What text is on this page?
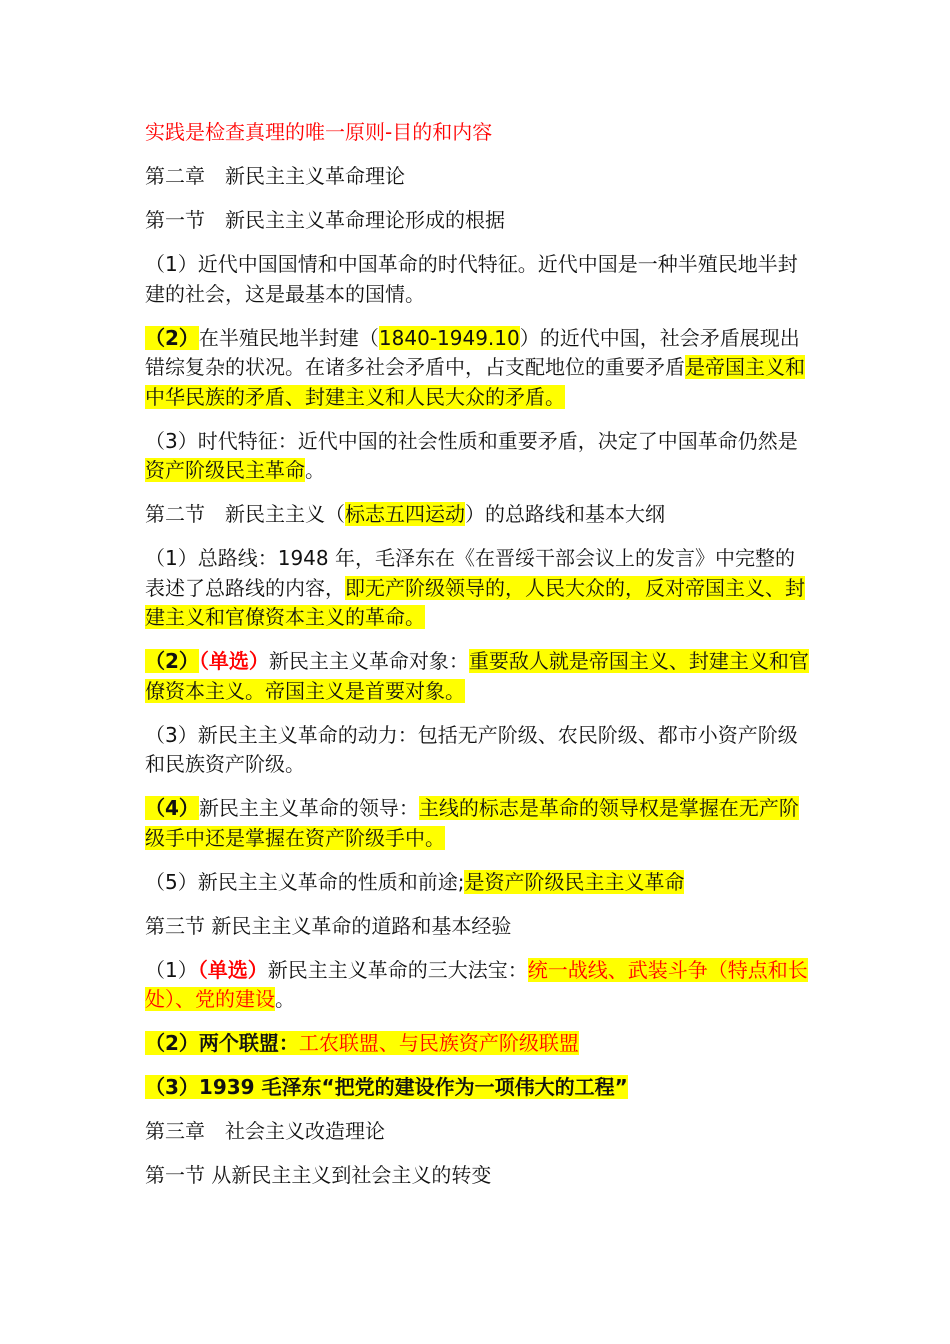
实践是检查真理的唯一原则-目的和内容

第二章　新民主主义革命理论

第一节　新民主主义革命理论形成的根据

（1）近代中国国情和中国革命的时代特征。近代中国是一种半殖民地半封建的社会，这是最基本的国情。

（2）在半殖民地半封建（1840-1949.10）的近代中国，社会矛盾展现出错综复杂的状况。在诸多社会矛盾中，占支配地位的重要矛盾是帝国主义和中华民族的矛盾、封建主义和人民大众的矛盾。

（3）时代特征：近代中国的社会性质和重要矛盾，决定了中国革命仍然是资产阶级民主革命。

第二节　新民主主义（标志五四运动）的总路线和基本大纲

（1）总路线：1948 年，毛泽东在《在晋绥干部会议上的发言》中完整的表述了总路线的内容，即无产阶级领导的，人民大众的，反对帝国主义、封建主义和官僚资本主义的革命。

（2）（单选）新民主主义革命对象：重要敌人就是帝国主义、封建主义和官僚资本主义。帝国主义是首要对象。

（3）新民主主义革命的动力：包括无产阶级、农民阶级、都市小资产阶级和民族资产阶级。

（4）新民主主义革命的领导：主线的标志是革命的领导权是掌握在无产阶级手中还是掌握在资产阶级手中。

（5）新民主主义革命的性质和前途;是资产阶级民主主义革命

第三节 新民主主义革命的道路和基本经验

（1）（单选）新民主主义革命的三大法宝：统一战线、武装斗争（特点和长处）、党的建设。

（2）两个联盟：工农联盟、与民族资产阶级联盟

（3）1939 毛泽东“把党的建设作为一项伟大的工程”

第三章　社会主义改造理论

第一节 从新民主主义到社会主义的转变
